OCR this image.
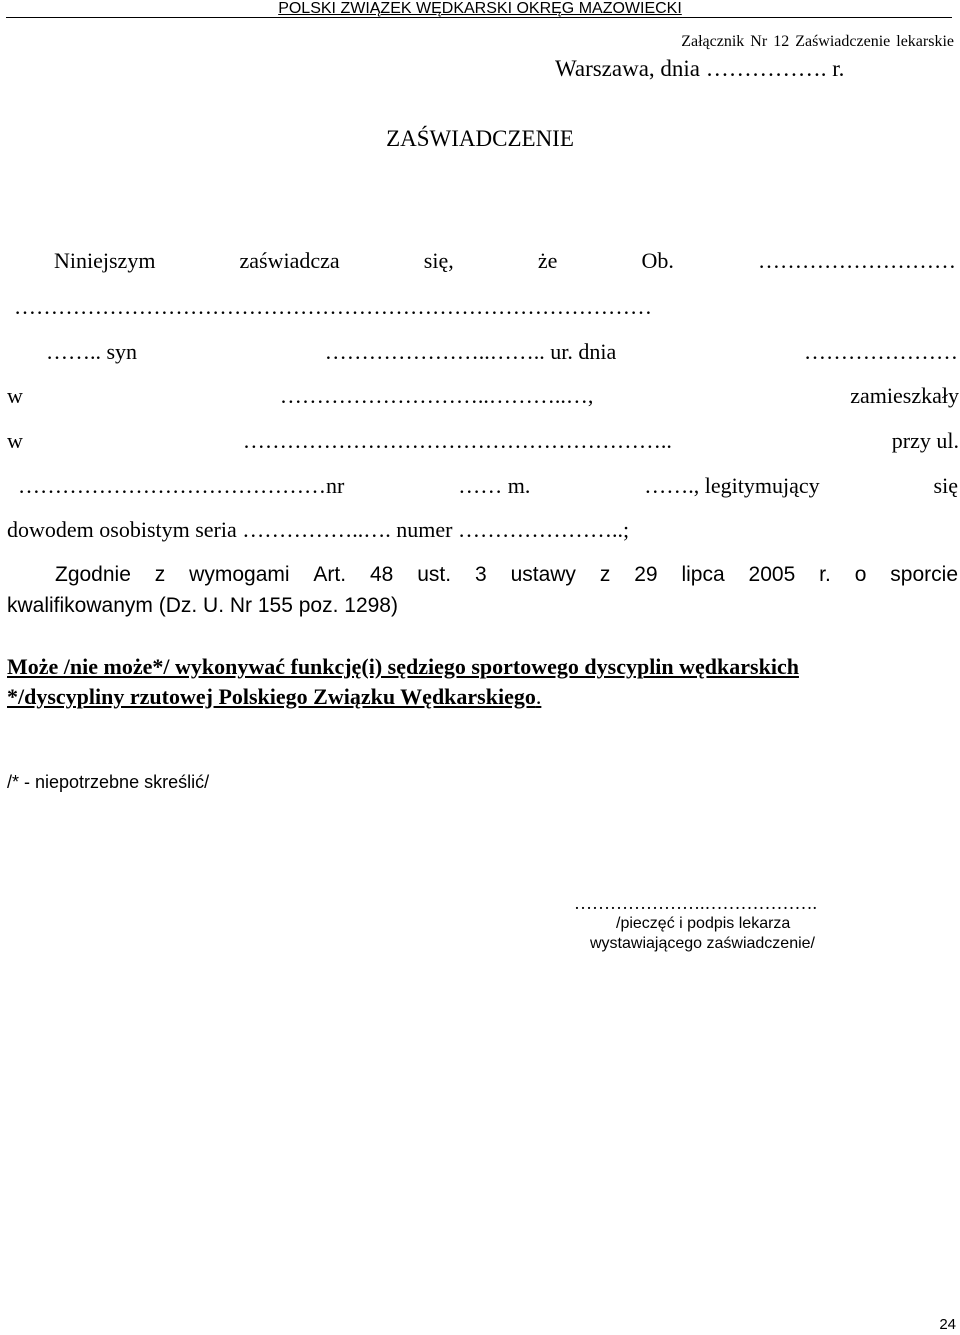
POLSKI ZWIĄZEK WĘDKARSKI OKRĘG MAZOWIECKI
Załącznik Nr 12 Zaświadczenie lekarskie
Warszawa, dnia ……………. r.
ZAŚWIADCZENIE
Niniejszym	zaświadcza	się,	że	Ob.	………………………
……………………………………………………………………………
…….. syn	…………………..…….. ur. dnia	…………………
w	………………………..………..…,	zamieszkały
w	…………………………………………………..	przy ul.
……………………………………nr	…… m.	……., legitymujący	się
dowodem osobistym seria ……………..…. numer …………………..;
Zgodnie z wymogami Art. 48 ust. 3 ustawy z 29 lipca 2005 r. o sporcie
kwalifikowanym (Dz. U. Nr 155 poz. 1298)
Może /nie może*/ wykonywać funkcję(i) sędziego sportowego dyscyplin wędkarskich
*/dyscypliny rzutowej Polskiego Związku Wędkarskiego.
/* - niepotrzebne skreślić/
………………….……………….
/pieczęć i podpis lekarza
wystawiającego zaświadczenie/
24
